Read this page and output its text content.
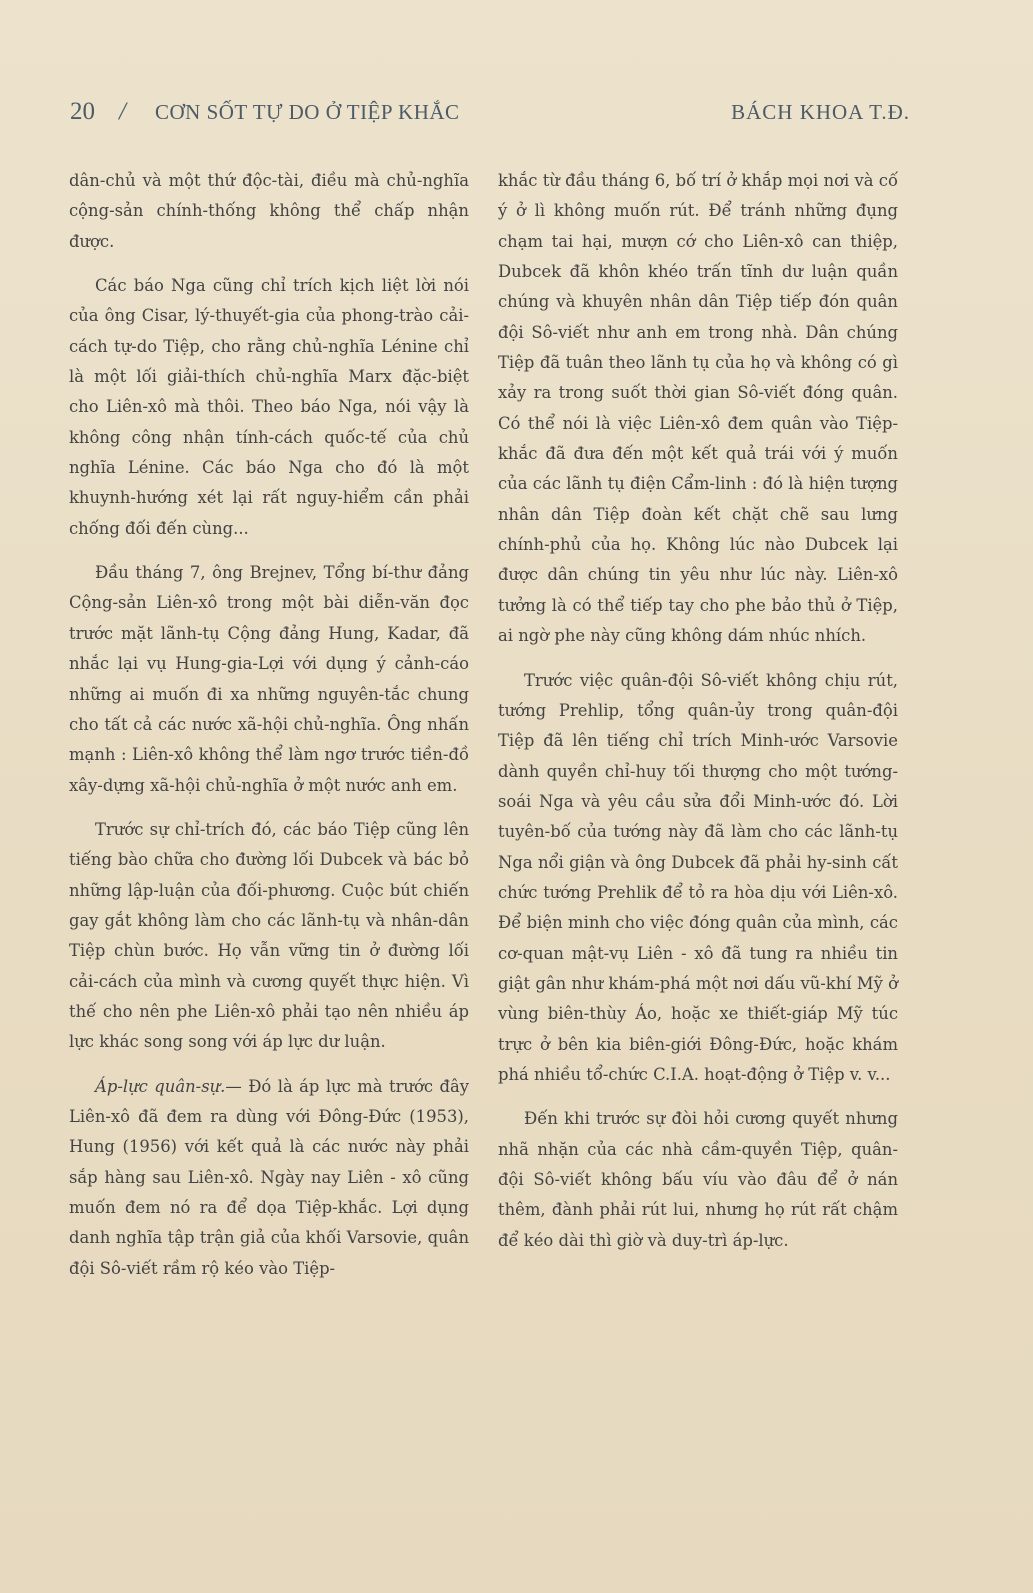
20 / CƠN SỐT TỰ DO Ở TIỆP KHẮC	BÁCH KHOA T.Đ.

dân-chủ và một thứ độc-tài, điều mà chủ-nghĩa cộng-sản chính-thống không thể chấp nhận được.

Các báo Nga cũng chỉ trích kịch liệt lời nói của ông Cisar, lý-thuyết-gia của phong-trào cải-cách tự-do Tiệp, cho rằng chủ-nghĩa Lénine chỉ là một lối giải-thích chủ-nghĩa Marx đặc-biệt cho Liên-xô mà thôi. Theo báo Nga, nói vậy là không công nhận tính-cách quốc-tế của chủ nghĩa Lénine. Các báo Nga cho đó là một khuynh-hướng xét lại rất nguy-hiểm cần phải chống đối đến cùng...

Đầu tháng 7, ông Brejnev, Tổng bí-thư đảng Cộng-sản Liên-xô trong một bài diễn-văn đọc trước mặt lãnh-tụ Cộng đảng Hung, Kadar, đã nhắc lại vụ Hung-gia-Lợi với dụng ý cảnh-cáo những ai muốn đi xa những nguyên-tắc chung cho tất cả các nước xã-hội chủ-nghĩa. Ông nhấn mạnh : Liên-xô không thể làm ngơ trước tiền-đồ xây-dựng xã-hội chủ-nghĩa ở một nước anh em.

Trước sự chỉ-trích đó, các báo Tiệp cũng lên tiếng bào chữa cho đường lối Dubcek và bác bỏ những lập-luận của đối-phương. Cuộc bút chiến gay gắt không làm cho các lãnh-tụ và nhân-dân Tiệp chùn bước. Họ vẫn vững tin ở đường lối cải-cách của mình và cương quyết thực hiện. Vì thế cho nên phe Liên-xô phải tạo nên nhiều áp lực khác song song với áp lực dư luận.

Áp-lực quân-sự.— Đó là áp lực mà trước đây Liên-xô đã đem ra dùng với Đông-Đức (1953), Hung (1956) với kết quả là các nước này phải sắp hàng sau Liên-xô. Ngày nay Liên - xô cũng muốn đem nó ra để dọa Tiệp-khắc. Lợi dụng danh nghĩa tập trận giả của khối Varsovie, quân đội Sô-viết rầm rộ kéo vào Tiệp-

khắc từ đầu tháng 6, bố trí ở khắp mọi nơi và cố ý ở lì không muốn rút. Để tránh những đụng chạm tai hại, mượn cớ cho Liên-xô can thiệp, Dubcek đã khôn khéo trấn tĩnh dư luận quần chúng và khuyên nhân dân Tiệp tiếp đón quân đội Sô-viết như anh em trong nhà. Dân chúng Tiệp đã tuân theo lãnh tụ của họ và không có gì xảy ra trong suốt thời gian Sô-viết đóng quân. Có thể nói là việc Liên-xô đem quân vào Tiệp-khắc đã đưa đến một kết quả trái với ý muốn của các lãnh tụ điện Cẩm-linh : đó là hiện tượng nhân dân Tiệp đoàn kết chặt chẽ sau lưng chính-phủ của họ. Không lúc nào Dubcek lại được dân chúng tin yêu như lúc này. Liên-xô tưởng là có thể tiếp tay cho phe bảo thủ ở Tiệp, ai ngờ phe này cũng không dám nhúc nhích.

Trước việc quân-đội Sô-viết không chịu rút, tướng Prehlip, tổng quân-ủy trong quân-đội Tiệp đã lên tiếng chỉ trích Minh-ước Varsovie dành quyền chỉ-huy tối thượng cho một tướng-soái Nga và yêu cầu sửa đổi Minh-ước đó. Lời tuyên-bố của tướng này đã làm cho các lãnh-tụ Nga nổi giận và ông Dubcek đã phải hy-sinh cất chức tướng Prehlik để tỏ ra hòa dịu với Liên-xô. Để biện minh cho việc đóng quân của mình, các cơ-quan mật-vụ Liên - xô đã tung ra nhiều tin giật gân như khám-phá một nơi dấu vũ-khí Mỹ ở vùng biên-thùy Áo, hoặc xe thiết-giáp Mỹ túc trực ở bên kia biên-giới Đông-Đức, hoặc khám phá nhiều tổ-chức C.I.A. hoạt-động ở Tiệp v. v...

Đến khi trước sự đòi hỏi cương quyết nhưng nhã nhặn của các nhà cầm-quyền Tiệp, quân-đội Sô-viết không bấu víu vào đâu để ở nán thêm, đành phải rút lui, nhưng họ rút rất chậm để kéo dài thì giờ và duy-trì áp-lực.
